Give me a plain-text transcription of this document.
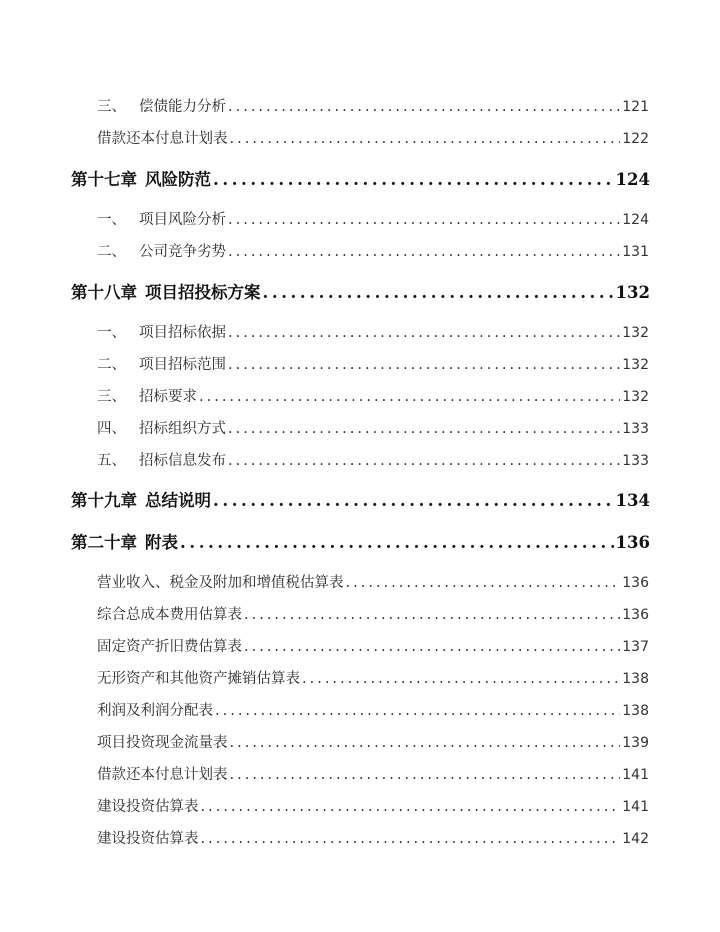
三、 偿债能力分析 .....	121
借款还本付息计划表 .....	122
第十七章 风险防范 .....	124
一、 项目风险分析 .....	124
二、 公司竞争劣势 .....	131
第十八章 项目招投标方案 .....	132
一、 项目招标依据 .....	132
二、 项目招标范围 .....	132
三、 招标要求 .....	132
四、 招标组织方式 .....	133
五、 招标信息发布 .....	133
第十九章 总结说明 .....	134
第二十章 附表 .....	136
营业收入、税金及附加和增值税估算表 .....	136
综合总成本费用估算表 .....	136
固定资产折旧费估算表 .....	137
无形资产和其他资产摊销估算表 .....	138
利润及利润分配表 .....	138
项目投资现金流量表 .....	139
借款还本付息计划表 .....	141
建设投资估算表 .....	141
建设投资估算表 .....	142
